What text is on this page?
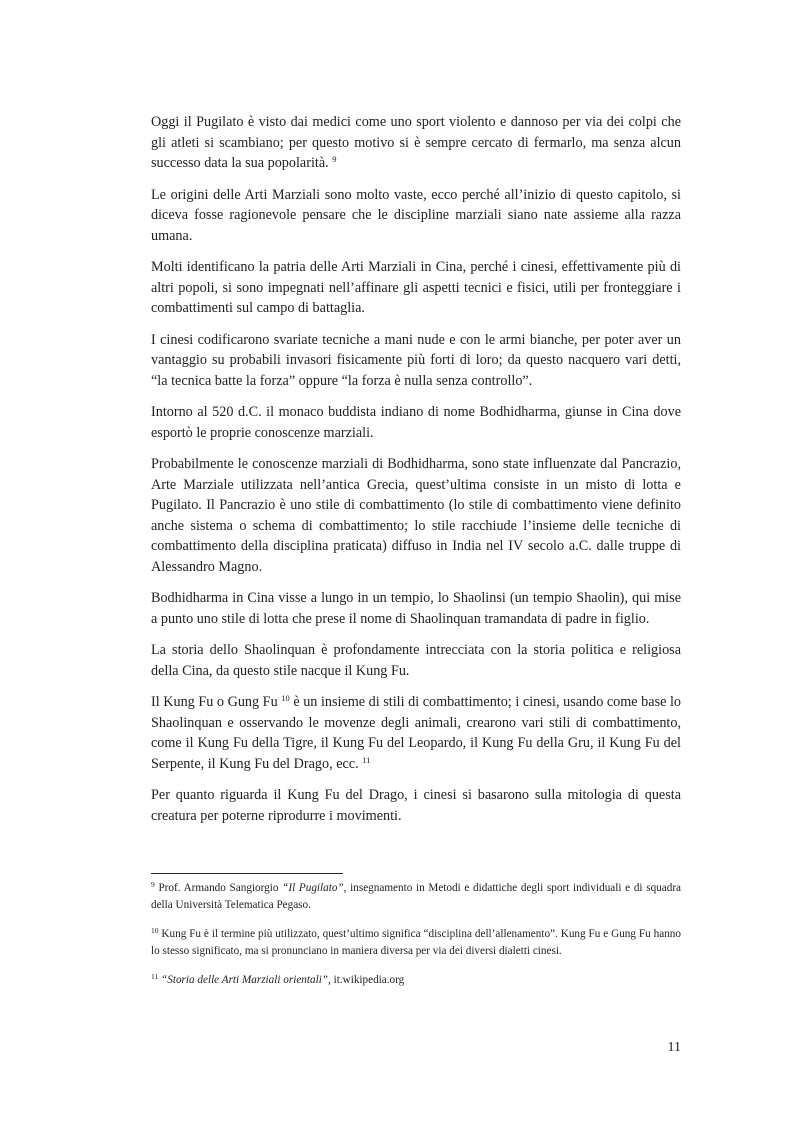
Oggi il Pugilato è visto dai medici come uno sport violento e dannoso per via dei colpi che gli atleti si scambiano; per questo motivo si è sempre cercato di fermarlo, ma senza alcun successo data la sua popolarità. $^9$

Le origini delle Arti Marziali sono molto vaste, ecco perché all’inizio di questo capitolo, si diceva fosse ragionevole pensare che le discipline marziali siano nate assieme alla razza umana.

Molti identificano la patria delle Arti Marziali in Cina, perché i cinesi, effettivamente più di altri popoli, si sono impegnati nell’affinare gli aspetti tecnici e fisici, utili per fronteggiare i combattimenti sul campo di battaglia.

I cinesi codificarono svariate tecniche a mani nude e con le armi bianche, per poter aver un vantaggio su probabili invasori fisicamente più forti di loro; da questo nacquero vari detti, “la tecnica batte la forza” oppure “la forza è nulla senza controllo”.

Intorno al 520 d.C. il monaco buddista indiano di nome Bodhidharma, giunse in Cina dove esportò le proprie conoscenze marziali.

Probabilmente le conoscenze marziali di Bodhidharma, sono state influenzate dal Pancrazio, Arte Marziale utilizzata nell’antica Grecia, quest’ultima consiste in un misto di lotta e Pugilato. Il Pancrazio è uno stile di combattimento (lo stile di combattimento viene definito anche sistema o schema di combattimento; lo stile racchiude l’insieme delle tecniche di combattimento della disciplina praticata) diffuso in India nel IV secolo a.C. dalle truppe di Alessandro Magno.

Bodhidharma in Cina visse a lungo in un tempio, lo Shaolinsi (un tempio Shaolin), qui mise a punto uno stile di lotta che prese il nome di Shaolinquan tramandata di padre in figlio.

La storia dello Shaolinquan è profondamente intrecciata con la storia politica e religiosa della Cina, da questo stile nacque il Kung Fu.

Il Kung Fu o Gung Fu $^{10}$ è un insieme di stili di combattimento; i cinesi, usando come base lo Shaolinquan e osservando le movenze degli animali, crearono vari stili di combattimento, come il Kung Fu della Tigre, il Kung Fu del Leopardo, il Kung Fu della Gru, il Kung Fu del Serpente, il Kung Fu del Drago, ecc. $^{11}$

Per quanto riguarda il Kung Fu del Drago, i cinesi si basarono sulla mitologia di questa creatura per poterne riprodurre i movimenti.

$^9$ Prof. Armando Sangiorgio “Il Pugilato”, insegnamento in Metodi e didattiche degli sport individuali e di squadra della Università Telematica Pegaso.

$^{10}$ Kung Fu è il termine più utilizzato, quest’ultimo significa “disciplina dell’allenamento”. Kung Fu e Gung Fu hanno lo stesso significato, ma si pronunciano in maniera diversa per via dei diversi dialetti cinesi.

$^{11}$ “Storia delle Arti Marziali orientali”, it.wikipedia.org

11
